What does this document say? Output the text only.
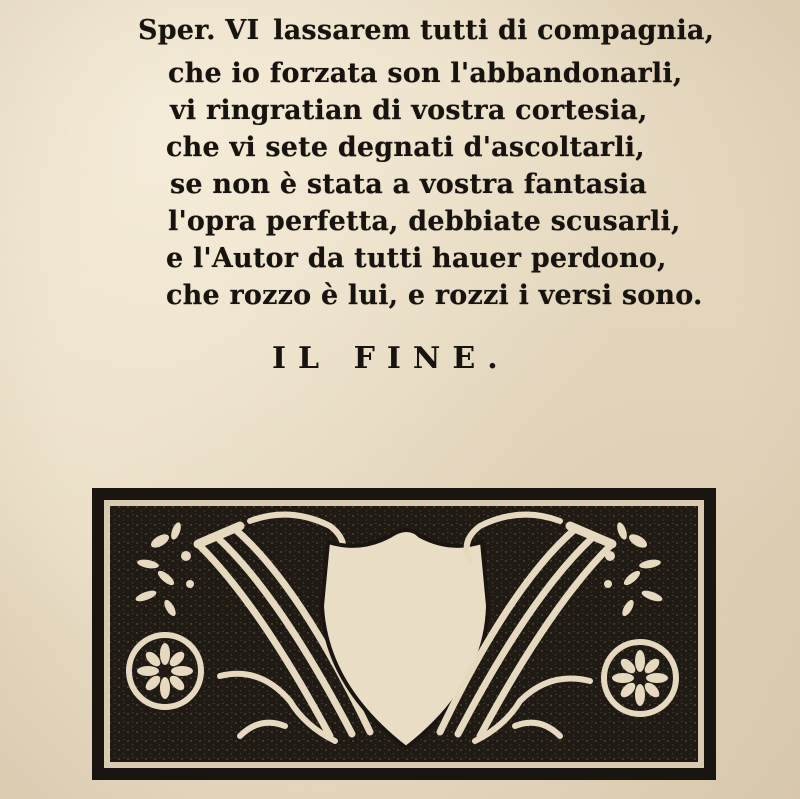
Sper. VI lassarem tutti di compagnia,
che io forzata son l'abbandonarli,
vi ringratian di vostra cortesia,
che vi sete degnati d'ascoltarli,
se non è stata a vostra fantasia
l'opra perfetta, debbiate scusarli,
e l'Autor da tutti hauer perdono,
che rozzo è lui, e rozzi i versi sono.
IL FINE.
